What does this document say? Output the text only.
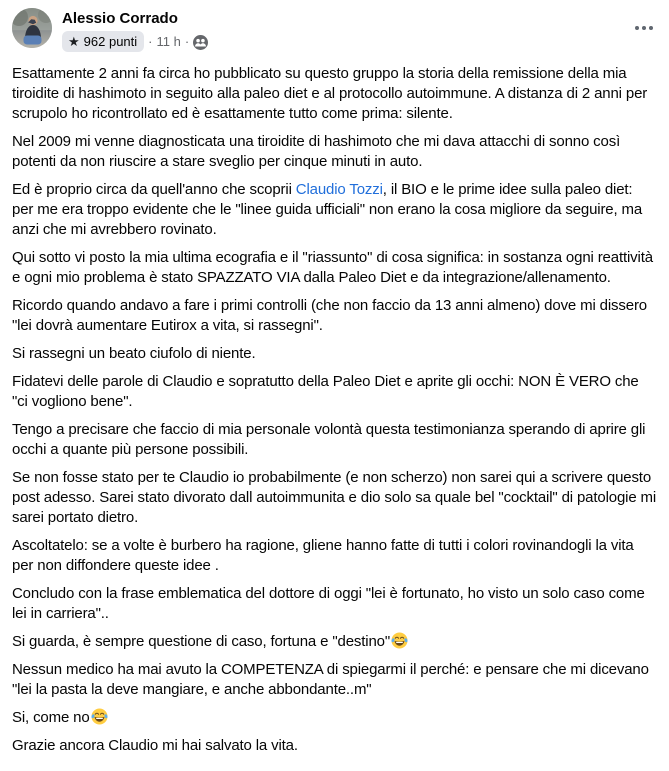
Alessio Corrado
★ 962 punti · 11 h ·

Esattamente 2 anni fa circa ho pubblicato su questo gruppo la storia della remissione della mia tiroidite di hashimoto in seguito alla paleo diet e al protocollo autoimmune. A distanza di 2 anni per scrupolo ho ricontrollato ed è esattamente tutto come prima: silente.

Nel 2009 mi venne diagnosticata una tiroidite di hashimoto che mi dava attacchi di sonno così potenti da non riuscire a stare sveglio per cinque minuti in auto.

Ed è proprio circa da quell'anno che scoprii Claudio Tozzi, il BIO e le prime idee sulla paleo diet: per me era troppo evidente che le "linee guida ufficiali" non erano la cosa migliore da seguire, ma anzi che mi avrebbero rovinato.

Qui sotto vi posto la mia ultima ecografia e il "riassunto" di cosa significa: in sostanza ogni reattività e ogni mio problema è stato SPAZZATO VIA dalla Paleo Diet e da integrazione/allenamento.

Ricordo quando andavo a fare i primi controlli (che non faccio da 13 anni almeno) dove mi dissero "lei dovrà aumentare Eutirox a vita, si rassegni".

Si rassegni un beato ciufolo di niente.

Fidatevi delle parole di Claudio e sopratutto della Paleo Diet e aprite gli occhi: NON È VERO che "ci vogliono bene".

Tengo a precisare che faccio di mia personale volontà questa testimonianza sperando di aprire gli occhi a quante più persone possibili.

Se non fosse stato per te Claudio io probabilmente (e non scherzo) non sarei qui a scrivere questo post adesso. Sarei stato divorato dall autoimmunita e dio solo sa quale bel "cocktail" di patologie mi sarei portato dietro.

Ascoltatelo: se a volte è burbero ha ragione, gliene hanno fatte di tutti i colori rovinandogli la vita per non diffondere queste idee .

Concludo con la frase emblematica del dottore di oggi "lei è fortunato, ho visto un solo caso come lei in carriera"..

Si guarda, è sempre questione di caso, fortuna e "destino"

Nessun medico ha mai avuto la COMPETENZA di spiegarmi il perché: e pensare che mi dicevano "lei la pasta la deve mangiare, e anche abbondante..m"

Si, come no

Grazie ancora Claudio mi hai salvato la vita.
